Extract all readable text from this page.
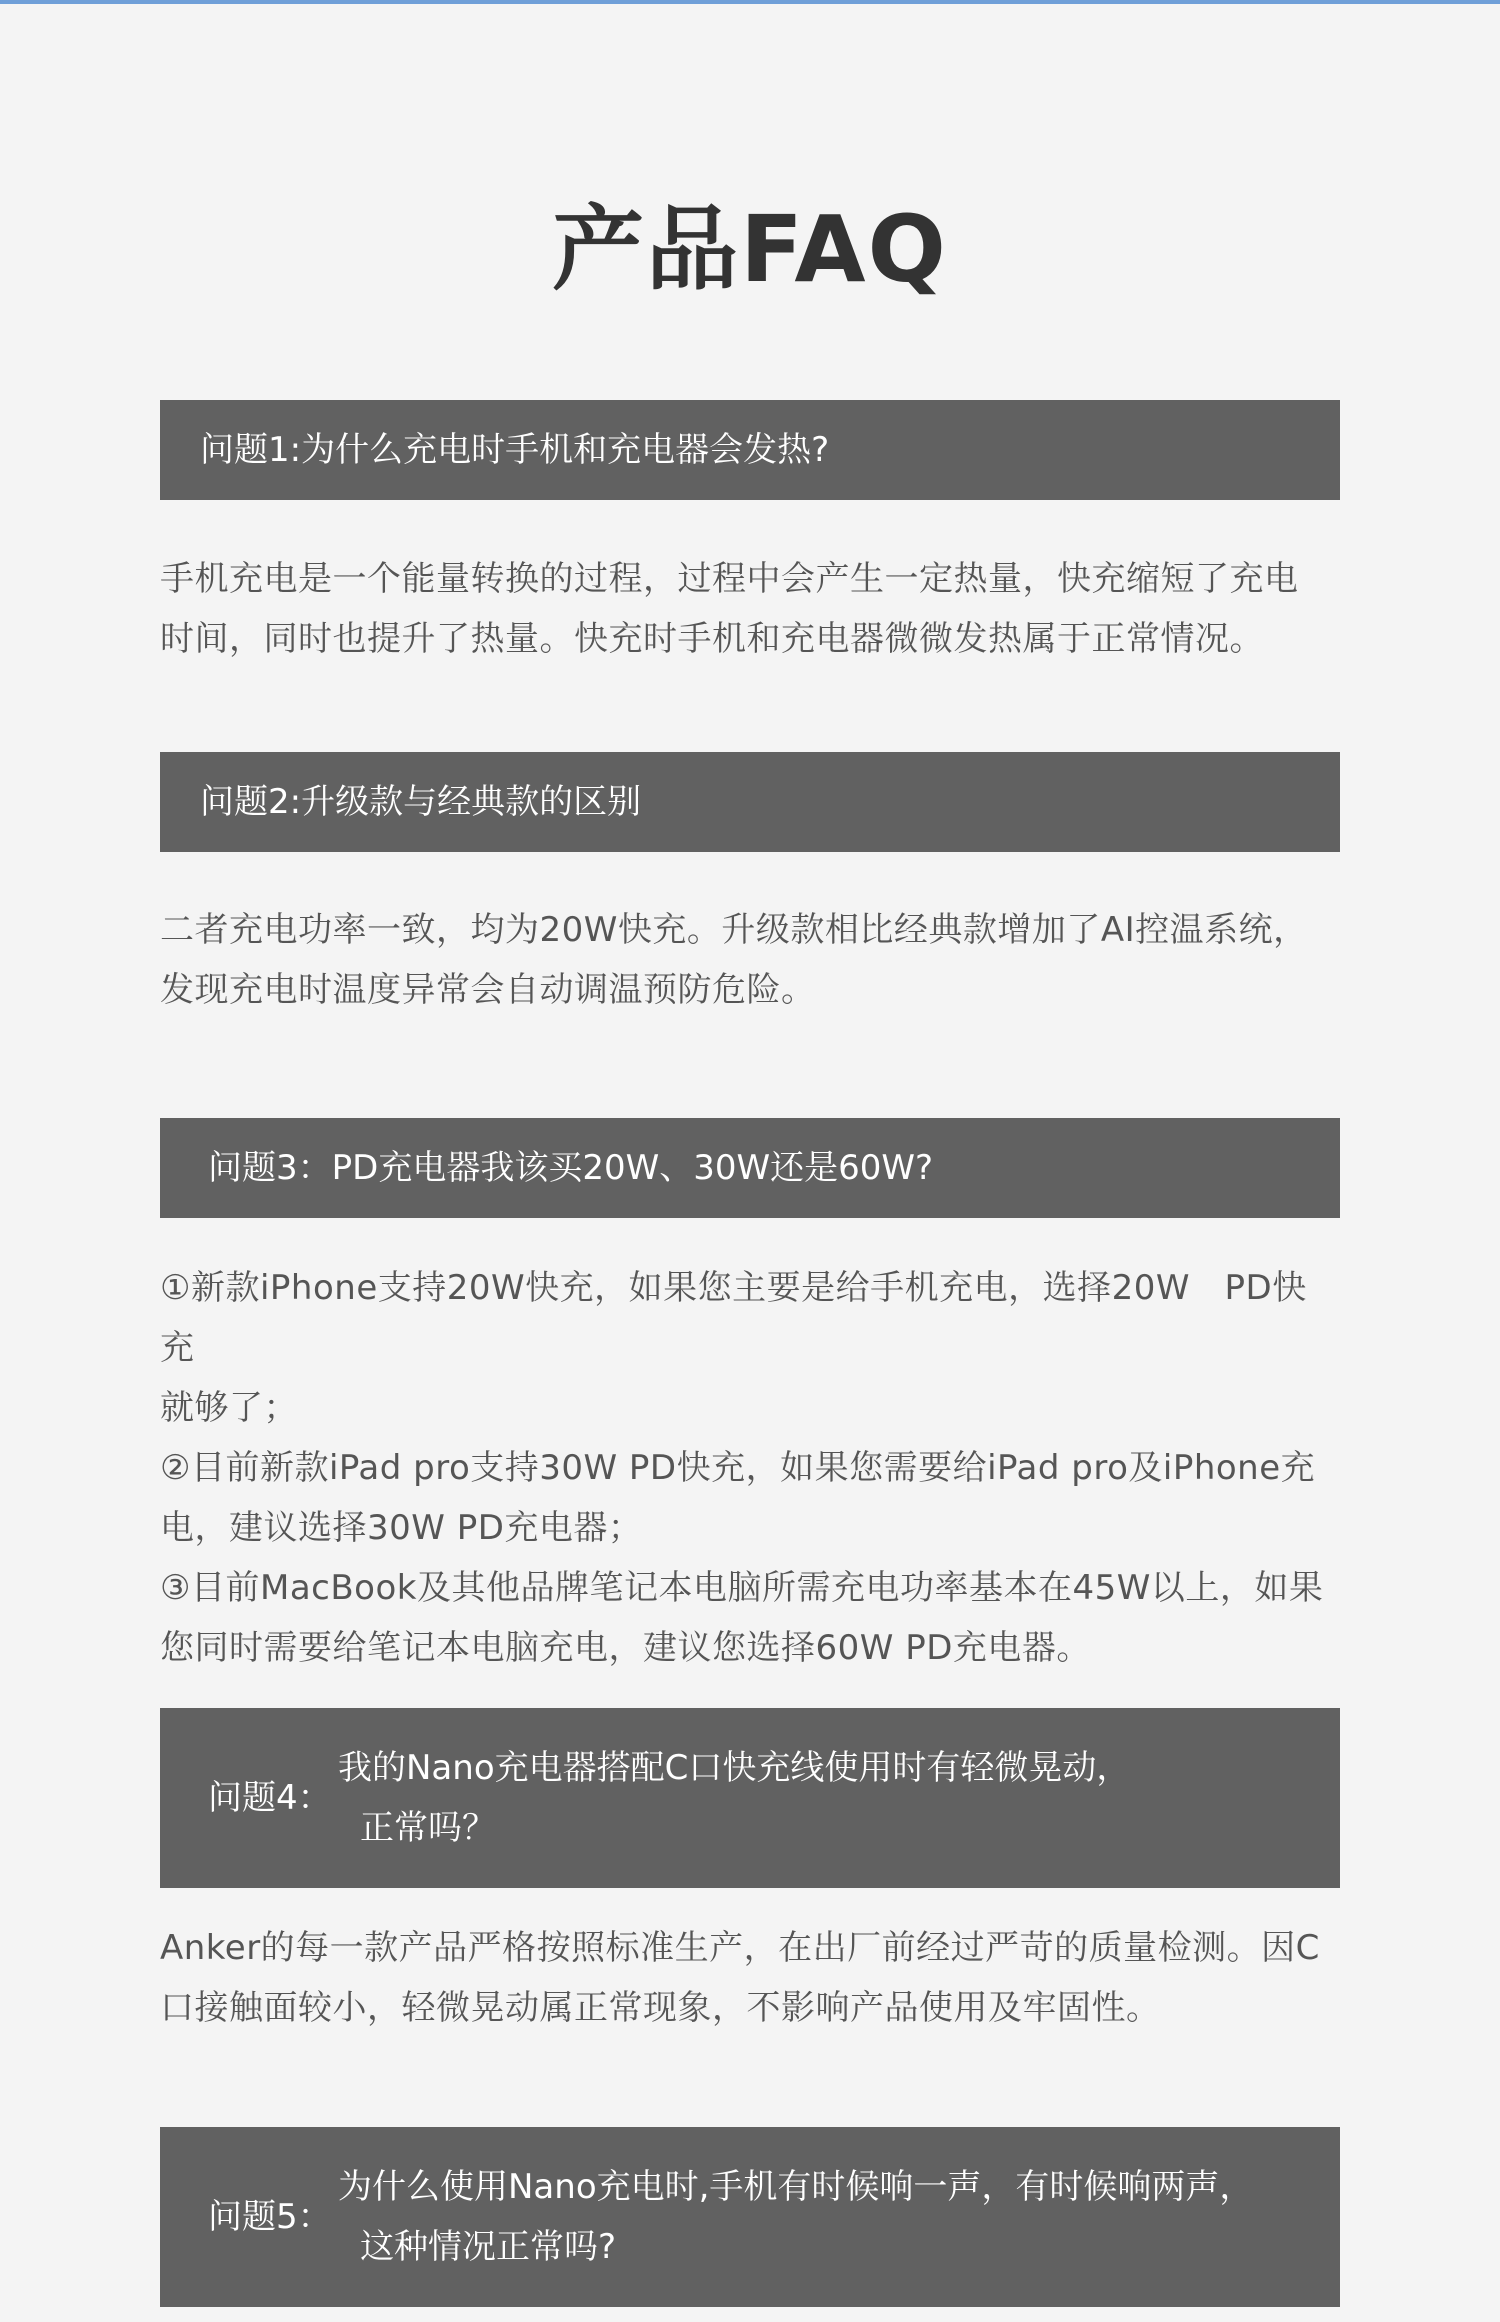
产品FAQ
问题1:为什么充电时手机和充电器会发热?

手机充电是一个能量转换的过程，过程中会产生一定热量，快充缩短了充电

时间，同时也提升了热量。快充时手机和充电器微微发热属于正常情况。

问题2:升级款与经典款的区别

二者充电功率一致，均为20W快充。升级款相比经典款增加了AI控温系统，

发现充电时温度异常会自动调温预防危险。

问题3：PD充电器我该买20W、30W还是60W?

①新款iPhone支持20W快充，如果您主要是给手机充电，选择20W　PD快充

就够了；

②目前新款iPad pro支持30W PD快充，如果您需要给iPad pro及iPhone充

电，建议选择30W PD充电器；

③目前MacBook及其他品牌笔记本电脑所需充电功率基本在45W以上，如果

您同时需要给笔记本电脑充电，建议您选择60W PD充电器。

问题4：
我的Nano充电器搭配C口快充线使用时有轻微晃动，
正常吗？

Anker的每一款产品严格按照标准生产，在出厂前经过严苛的质量检测。因C

口接触面较小，轻微晃动属正常现象，不影响产品使用及牢固性。

问题5：
为什么使用Nano充电时,手机有时候响一声，有时候响两声，
这种情况正常吗?
